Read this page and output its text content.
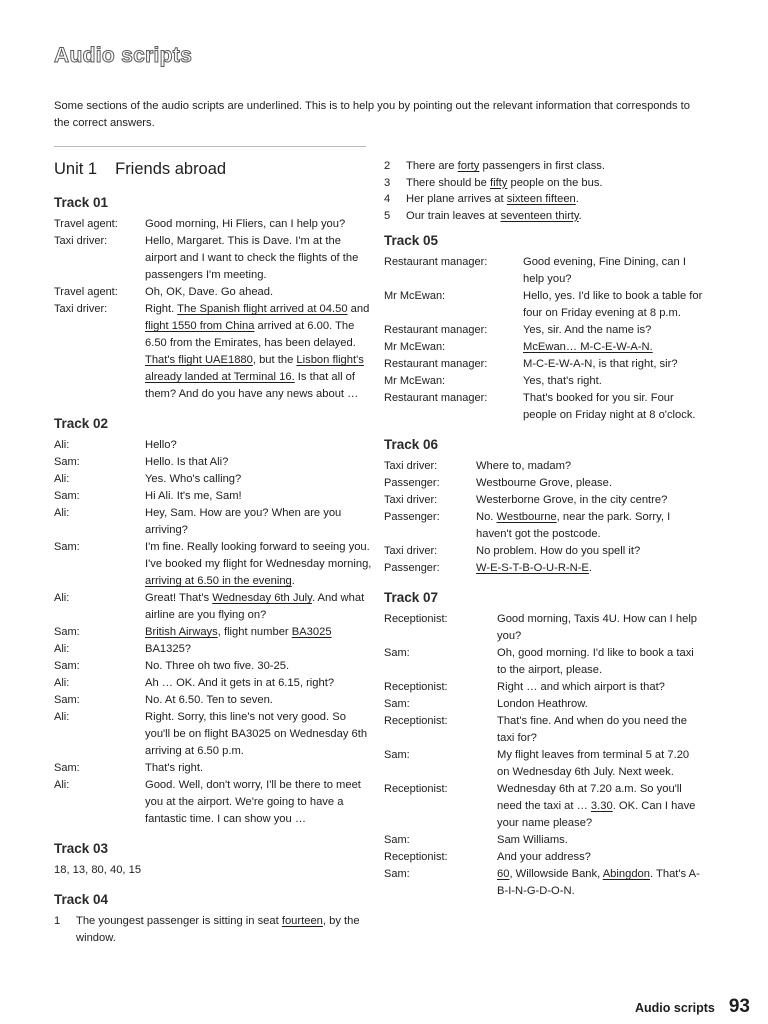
Audio scripts
Some sections of the audio scripts are underlined. This is to help you by pointing out the relevant information that corresponds to the correct answers.
Unit 1 Friends abroad
Track 01
Travel agent:	Good morning, Hi Fliers, can I help you?
Taxi driver:	Hello, Margaret. This is Dave. I'm at the airport and I want to check the flights of the passengers I'm meeting.
Travel agent:	Oh, OK, Dave. Go ahead.
Taxi driver:	Right. The Spanish flight arrived at 04.50 and flight 1550 from China arrived at 6.00. The 6.50 from the Emirates, has been delayed. That's flight UAE1880, but the Lisbon flight's already landed at Terminal 16. Is that all of them? And do you have any news about …
Track 02
Ali:	Hello?
Sam:	Hello. Is that Ali?
Ali:	Yes. Who's calling?
Sam:	Hi Ali. It's me, Sam!
Ali:	Hey, Sam. How are you? When are you arriving?
Sam:	I'm fine. Really looking forward to seeing you. I've booked my flight for Wednesday morning, arriving at 6.50 in the evening.
Ali:	Great! That's Wednesday 6th July. And what airline are you flying on?
Sam:	British Airways, flight number BA3025
Ali:	BA1325?
Sam:	No. Three oh two five. 30-25.
Ali:	Ah … OK. And it gets in at 6.15, right?
Sam:	No. At 6.50. Ten to seven.
Ali:	Right. Sorry, this line's not very good. So you'll be on flight BA3025 on Wednesday 6th arriving at 6.50 p.m.
Sam:	That's right.
Ali:	Good. Well, don't worry, I'll be there to meet you at the airport. We're going to have a fantastic time. I can show you …
Track 03
18, 13, 80, 40, 15
Track 04
1	The youngest passenger is sitting in seat fourteen, by the window.
2	There are forty passengers in first class.
3	There should be fifty people on the bus.
4	Her plane arrives at sixteen fifteen.
5	Our train leaves at seventeen thirty.
Track 05
Restaurant manager:	Good evening, Fine Dining, can I help you?
Mr McEwan:	Hello, yes. I'd like to book a table for four on Friday evening at 8 p.m.
Restaurant manager:	Yes, sir. And the name is?
Mr McEwan:	McEwan… M-C-E-W-A-N.
Restaurant manager:	M-C-E-W-A-N, is that right, sir?
Mr McEwan:	Yes, that's right.
Restaurant manager:	That's booked for you sir. Four people on Friday night at 8 o'clock.
Track 06
Taxi driver:	Where to, madam?
Passenger:	Westbourne Grove, please.
Taxi driver:	Westerborne Grove, in the city centre?
Passenger:	No. Westbourne, near the park. Sorry, I haven't got the postcode.
Taxi driver:	No problem. How do you spell it?
Passenger:	W-E-S-T-B-O-U-R-N-E.
Track 07
Receptionist:	Good morning, Taxis 4U. How can I help you?
Sam:	Oh, good morning. I'd like to book a taxi to the airport, please.
Receptionist:	Right … and which airport is that?
Sam:	London Heathrow.
Receptionist:	That's fine. And when do you need the taxi for?
Sam:	My flight leaves from terminal 5 at 7.20 on Wednesday 6th July. Next week.
Receptionist:	Wednesday 6th at 7.20 a.m. So you'll need the taxi at … 3.30. OK. Can I have your name please?
Sam:	Sam Williams.
Receptionist:	And your address?
Sam:	60, Willowside Bank, Abingdon. That's A-B-I-N-G-D-O-N.
Audio scripts 93
